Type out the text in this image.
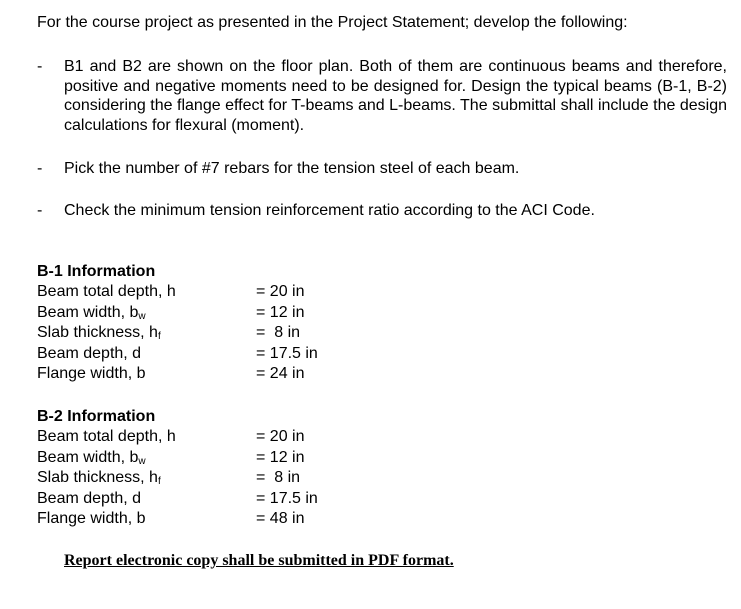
For the course project as presented in the Project Statement; develop the following:
- B1 and B2 are shown on the floor plan. Both of them are continuous beams and therefore, positive and negative moments need to be designed for. Design the typical beams (B-1, B-2) considering the flange effect for T-beams and L-beams. The submittal shall include the design calculations for flexural (moment).
- Pick the number of #7 rebars for the tension steel of each beam.
- Check the minimum tension reinforcement ratio according to the ACI Code.
B-1 Information
Beam total depth, h	= 20 in
Beam width, $b_w$	= 12 in
Slab thickness, $h_f$	=  8 in
Beam depth, d	= 17.5 in
Flange width, b	= 24 in
B-2 Information
Beam total depth, h	= 20 in
Beam width, $b_w$	= 12 in
Slab thickness, $h_f$	=  8 in
Beam depth, d	= 17.5 in
Flange width, b	= 48 in
Report electronic copy shall be submitted in PDF format.
